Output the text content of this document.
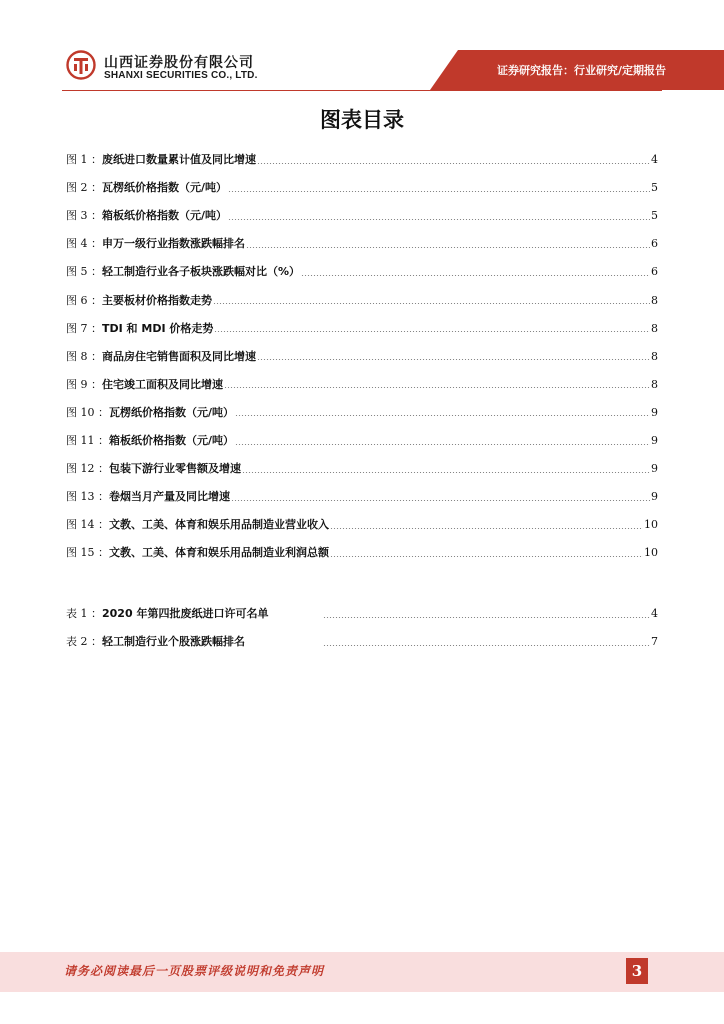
山西证券股份有限公司
SHANXI SECURITIES CO., LTD.	证券研究报告：行业研究/定期报告
图表目录
图 1 ： 废纸进口数量累计值及同比增速	4
图 2 ： 瓦楞纸价格指数（元/吨）	5
图 3 ： 箱板纸价格指数（元/吨）	5
图 4 ： 申万一级行业指数涨跌幅排名	6
图 5 ： 轻工制造行业各子板块涨跌幅对比（%）	6
图 6 ： 主要板材价格指数走势	8
图 7 ： TDI 和 MDI 价格走势	8
图 8 ： 商品房住宅销售面积及同比增速	8
图 9 ： 住宅竣工面积及同比增速	8
图 10 ： 瓦楞纸价格指数（元/吨）	9
图 11 ： 箱板纸价格指数（元/吨）	9
图 12 ： 包装下游行业零售额及增速	9
图 13 ： 卷烟当月产量及同比增速	9
图 14 ： 文教、工美、体育和娱乐用品制造业营业收入	10
图 15 ： 文教、工美、体育和娱乐用品制造业利润总额	10
表 1 ： 2020 年第四批废纸进口许可名单	4
表 2 ： 轻工制造行业个股涨跌幅排名	7
请务必阅读最后一页股票评级说明和免责声明	3
